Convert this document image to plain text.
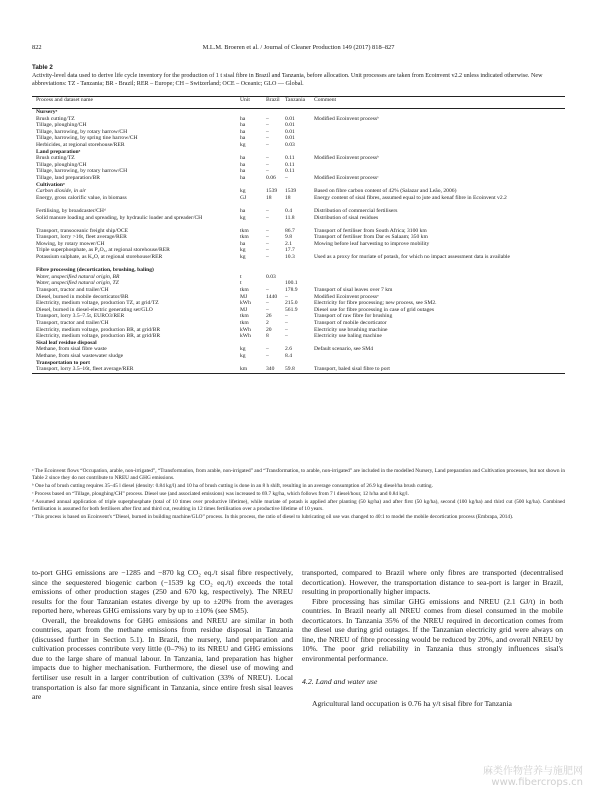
822	M.L.M. Broeren et al. / Journal of Cleaner Production 149 (2017) 818–827
Table 2
Activity-level data used to derive life cycle inventory for the production of 1 t sisal fibre in Brazil and Tanzania, before allocation. Unit processes are taken from Ecoinvent v2.2 unless indicated otherwise. New abbreviations: TZ - Tanzania; BR - Brazil; RER – Europe; CH – Switzerland; OCE – Oceanic; GLO — Global.
Process and dataset name	Unit	Brazil Tanzania Comment
Nurseryᵃ
Brush cutting/TZ	ha	–	0.01	Modified Ecoinvent processᵇ
Tillage, ploughing/CH	ha	–	0.01
Tillage, harrowing, by rotary harrow/CH	ha	–	0.01
Tillage, harrowing, by spring tine harrow/CH	ha	–	0.01
Herbicides, at regional storehouse/RER	kg	–	0.03
Land preparationᵃ
Brush cutting/TZ	ha	–	0.11	Modified Ecoinvent processᵇ
Tillage, ploughing/CH	ha	–	0.11
Tillage, harrowing, by rotary harrow/CH	ha	–	0.11
Tillage, land preparation/BR	ha	0.06 –	Modified Ecoinvent processᶜ
Cultivationᵃ
Carbon dioxide, in air	kg	1539 1539	Based on fibre carbon content of 42% (Salazar and Leão, 2006)
Energy, gross calorific value, in biomass	GJ	18 18	Energy content of sisal fibres, assumed equal to jute and kenaf fibre in Ecoinvent v2.2
Fertilising, by broadcaster/CHᵈ	ha	–	0.4	Distribution of commercial fertilisers
Solid manure loading and spreading, by hydraulic loader and spreader/CH	kg	–	11.8	Distribution of sisal residues
Transport, transoceanic freight ship/OCE	tkm	–	86.7	Transport of fertiliser from South Africa; 3100 km
Transport, lorry >16t, fleet average/RER	tkm	–	9.8	Transport of fertiliser from Dar es Salaam; 350 km
Mowing, by rotary mower/CH	ha	–	2.1	Mowing before leaf harvesting to improve mobility
Triple superphosphate, as P₂O₅, at regional storehouse/RER	kg	–	17.7
Potassium sulphate, as K₂O, at regional storehouse/RER	kg	–	10.3	Used as a proxy for muriate of potash, for which no impact assessment data is available
Fibre processing (decortication, brushing, baling)
Water, unspecified natural origin, BR	t	0.03
Water, unspecified natural origin, TZ	t	100.1
Transport, tractor and trailer/CH	tkm	–	178.9	Transport of sisal leaves over 7 km
Diesel, burned in mobile decorticator/BR	MJ	1440 –	Modified Ecoinvent processᵉ
Electricity, medium voltage, production TZ, at grid/TZ	kWh	–	215.0	Electricity for fibre processing; new process, see SM2.
Diesel, burned in diesel-electric generating set/GLO	MJ	–	561.9	Diesel use for fibre processing in case of grid outages
Transport, lorry 3.5–7.5t, EURO3/RER	tkm	26 –	Transport of raw fibre for brushing
Transport, tractor and trailer/CH	tkm	2	–	Transport of mobile decorticator
Electricity, medium voltage, production BR, at grid/BR	kWh	20 –	Electricity use brushing machine
Electricity, medium voltage, production BR, at grid/BR	kWh	8	–	Electricity use baling machine
Sisal leaf residue disposal
Methane, from sisal fibre waste	kg	–	2.6	Default scenario, see SM4
Methane, from sisal wastewater sludge	kg	–	8.4
Transportation to port
Transport, lorry 3.5–16t, fleet average/RER	km	340 59.8	Transport, baled sisal fibre to port

ᵃ The Ecoinvent flows “Occupation, arable, non-irrigated”, “Transformation, from arable, non-irrigated” and “Transformation, to arable, non-irrigated” are included in the modelled Nursery, Land preparation and Cultivation processes, but not shown in Table 2 since they do not contribute to NREU and GHG emissions.

ᵇ One ha of brush cutting requires 35–45 l diesel (density: 0.84 kg/l) and 10 ha of brush cutting is done in an 8 h shift, resulting in an average consumption of 26.9 kg diesel/ha brush cutting.

ᶜ Process based on “Tillage, ploughing/CH” process. Diesel use (and associated emissions) was increased to 69.7 kg/ha, which follows from 7 l diesel/hour, 12 h/ha and 0.84 kg/l.

ᵈ Assumed annual application of triple superphosphate (total of 10 times over productive lifetime), while muriate of potash is applied after planting (50 kg/ha) and after first (50 kg/ha), second (100 kg/ha) and third cut (500 kg/ha). Combined fertilisation is assumed for both fertilisers after first and third cut, resulting in 12 times fertilisation over a productive lifetime of 10 years.

ᵉ This process is based on Ecoinvent's “Diesel, burned in building machine/GLO” process. In this process, the ratio of diesel to lubricating oil use was changed to 40:1 to model the mobile decortication process (Embrapa, 2014).

to-port GHG emissions are −1285 and −870 kg CO₂ eq./t sisal fibre respectively, since the sequestered biogenic carbon (−1539 kg CO₂ eq./t) exceeds the total emissions of other production stages (250 and 670 kg, respectively). The NREU results for the four Tanzanian estates diverge by up to ±20% from the averages reported here, whereas GHG emissions vary by up to ±10% (see SM5).

Overall, the breakdowns for GHG emissions and NREU are similar in both countries, apart from the methane emissions from residue disposal in Tanzania (discussed further in Section 5.1). In Brazil, the nursery, land preparation and cultivation processes contribute very little (0–7%) to its NREU and GHG emissions due to the large share of manual labour. In Tanzania, land preparation has higher impacts due to higher mechanisation. Furthermore, the diesel use of mowing and fertiliser use result in a larger contribution of cultivation (33% of NREU). Local transportation is also far more significant in Tanzania, since entire fresh sisal leaves are

transported, compared to Brazil where only fibres are transported (decentralised decortication). However, the transportation distance to sea-port is larger in Brazil, resulting in proportionally higher impacts.

Fibre processing has similar GHG emissions and NREU (2.1 GJ/t) in both countries. In Brazil nearly all NREU comes from diesel consumed in the mobile decorticators. In Tanzania 35% of the NREU required in decortication comes from the diesel use during grid outages. If the Tanzanian electricity grid were always on line, the NREU of fibre processing would be reduced by 20%, and overall NREU by 10%. The poor grid reliability in Tanzania thus strongly influences sisal's environmental performance.

4.2. Land and water use

Agricultural land occupation is 0.76 ha y/t sisal fibre for Tanzania

麻类作物营养与施肥网
www.fibercrops.cn
